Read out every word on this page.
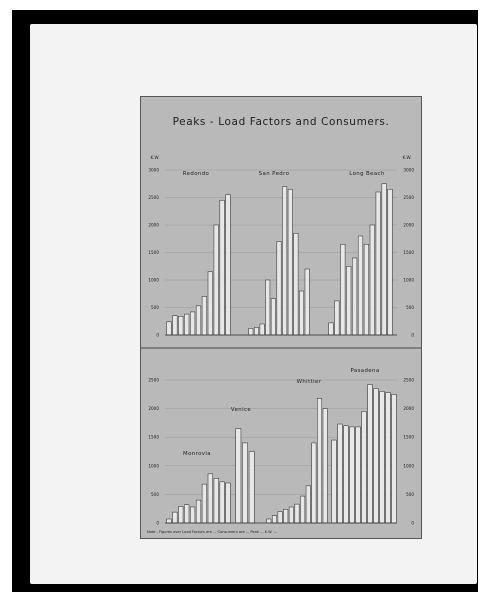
Peaks - Load Factors and Consumers.
0	0
500	500
1000	1000
1500	1500
2000	2000
2500	2500
3000	3000
K.W.	K.W.
Redondo	San Pedro	Long Beach
0	0
500	500
1000	1000
1500	1500
2000	2000
2500	2500
Monrovia
Venice
Whittier
Pasadena
Note - Figures over Load Factors are ... Consumers are ... Peak ... K.W. ...
